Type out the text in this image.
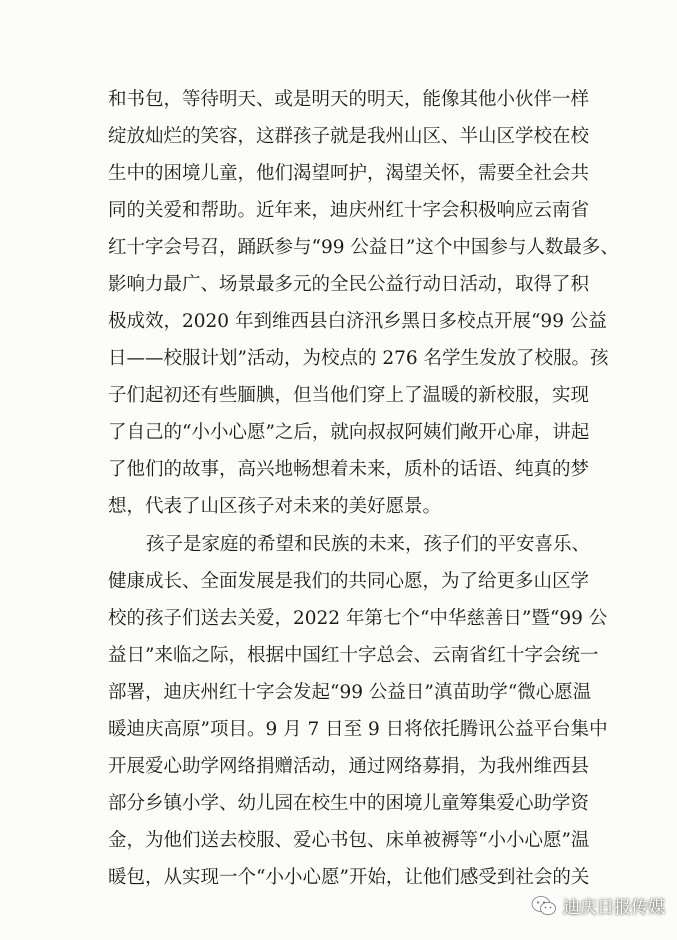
和书包，等待明天、或是明天的明天，能像其他小伙伴一样
绽放灿烂的笑容，这群孩子就是我州山区、半山区学校在校
生中的困境儿童，他们渴望呵护，渴望关怀，需要全社会共
同的关爱和帮助。近年来，迪庆州红十字会积极响应云南省
红十字会号召，踊跃参与“99 公益日”这个中国参与人数最多、
影响力最广、场景最多元的全民公益行动日活动，取得了积
极成效，2020 年到维西县白济汛乡黑日多校点开展“99 公益
日——校服计划”活动，为校点的 276 名学生发放了校服。孩
子们起初还有些腼腆，但当他们穿上了温暖的新校服，实现
了自己的“小小心愿”之后，就向叔叔阿姨们敞开心扉，讲起
了他们的故事，高兴地畅想着未来，质朴的话语、纯真的梦
想，代表了山区孩子对未来的美好愿景。
孩子是家庭的希望和民族的未来，孩子们的平安喜乐、
健康成长、全面发展是我们的共同心愿，为了给更多山区学
校的孩子们送去关爱，2022 年第七个“中华慈善日”暨“99 公
益日”来临之际，根据中国红十字总会、云南省红十字会统一
部署，迪庆州红十字会发起“99 公益日”滇苗助学“微心愿温
暖迪庆高原”项目。9 月 7 日至 9 日将依托腾讯公益平台集中
开展爱心助学网络捐赠活动，通过网络募捐，为我州维西县
部分乡镇小学、幼儿园在校生中的困境儿童筹集爱心助学资
金，为他们送去校服、爱心书包、床单被褥等“小小心愿”温
暖包，从实现一个“小小心愿”开始，让他们感受到社会的关
迪庆日报传媒
